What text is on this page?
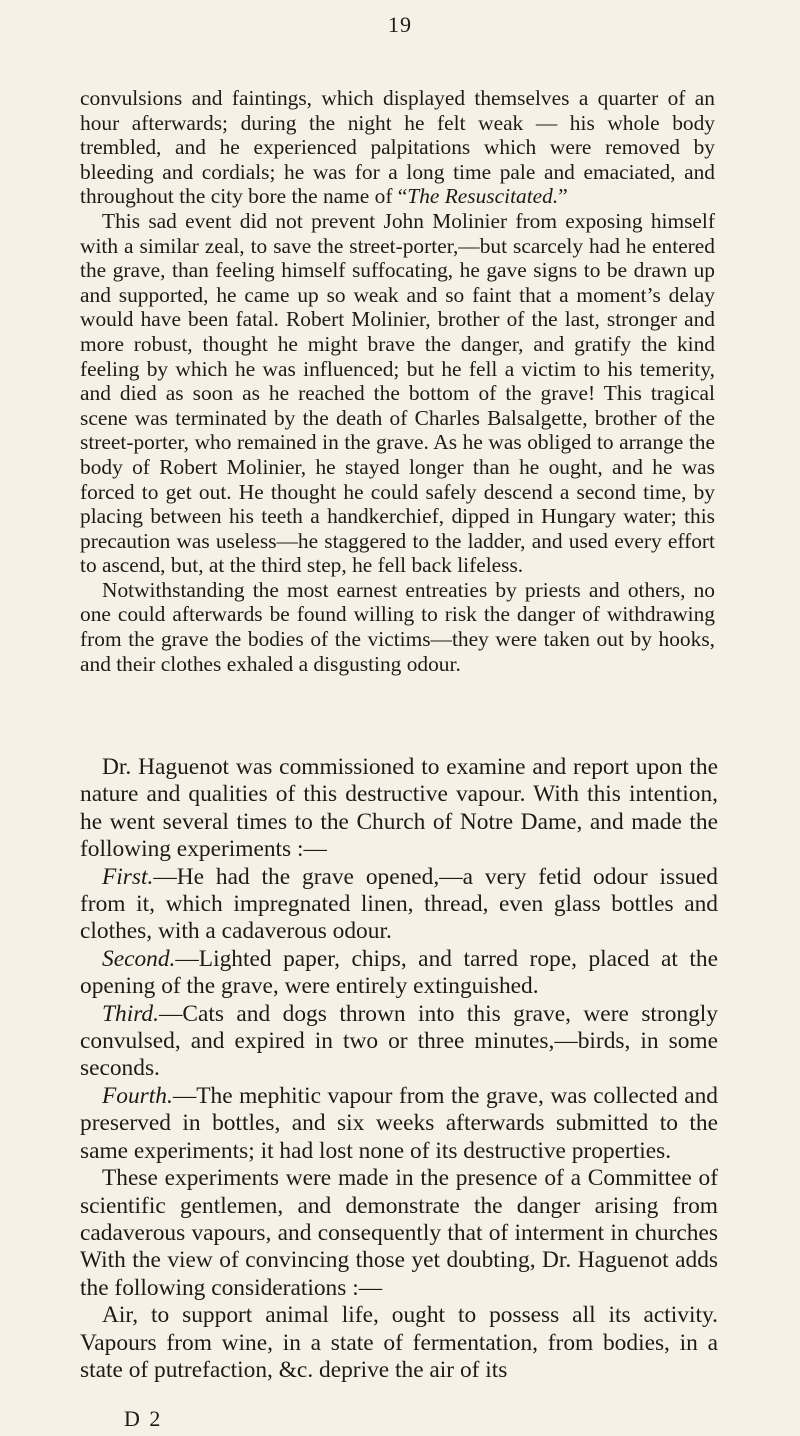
19

convulsions and faintings, which displayed themselves a quarter of an hour afterwards; during the night he felt weak — his whole body trembled, and he experienced palpitations which were removed by bleeding and cordials; he was for a long time pale and emaciated, and throughout the city bore the name of “The Resuscitated.”

This sad event did not prevent John Molinier from exposing himself with a similar zeal, to save the street-porter,—but scarcely had he entered the grave, than feeling himself suffocating, he gave signs to be drawn up and supported, he came up so weak and so faint that a moment’s delay would have been fatal. Robert Molinier, brother of the last, stronger and more robust, thought he might brave the danger, and gratify the kind feeling by which he was influenced; but he fell a victim to his temerity, and died as soon as he reached the bottom of the grave! This tragical scene was terminated by the death of Charles Balsalgette, brother of the street-porter, who remained in the grave. As he was obliged to arrange the body of Robert Molinier, he stayed longer than he ought, and he was forced to get out. He thought he could safely descend a second time, by placing between his teeth a handkerchief, dipped in Hungary water; this precaution was useless—he staggered to the ladder, and used every effort to ascend, but, at the third step, he fell back lifeless.

Notwithstanding the most earnest entreaties by priests and others, no one could afterwards be found willing to risk the danger of withdrawing from the grave the bodies of the victims—they were taken out by hooks, and their clothes exhaled a disgusting odour.

Dr. Haguenot was commissioned to examine and report upon the nature and qualities of this destructive vapour. With this intention, he went several times to the Church of Notre Dame, and made the following experiments :—

First.—He had the grave opened,—a very fetid odour issued from it, which impregnated linen, thread, even glass bottles and clothes, with a cadaverous odour.

Second.—Lighted paper, chips, and tarred rope, placed at the opening of the grave, were entirely extinguished.

Third.—Cats and dogs thrown into this grave, were strongly convulsed, and expired in two or three minutes,—birds, in some seconds.

Fourth.—The mephitic vapour from the grave, was collected and preserved in bottles, and six weeks afterwards submitted to the same experiments; it had lost none of its destructive properties.

These experiments were made in the presence of a Committee of scientific gentlemen, and demonstrate the danger arising from cadaverous vapours, and consequently that of interment in churches With the view of convincing those yet doubting, Dr. Haguenot adds the following considerations :—

Air, to support animal life, ought to possess all its activity. Vapours from wine, in a state of fermentation, from bodies, in a state of putrefaction, &c. deprive the air of its

D 2
